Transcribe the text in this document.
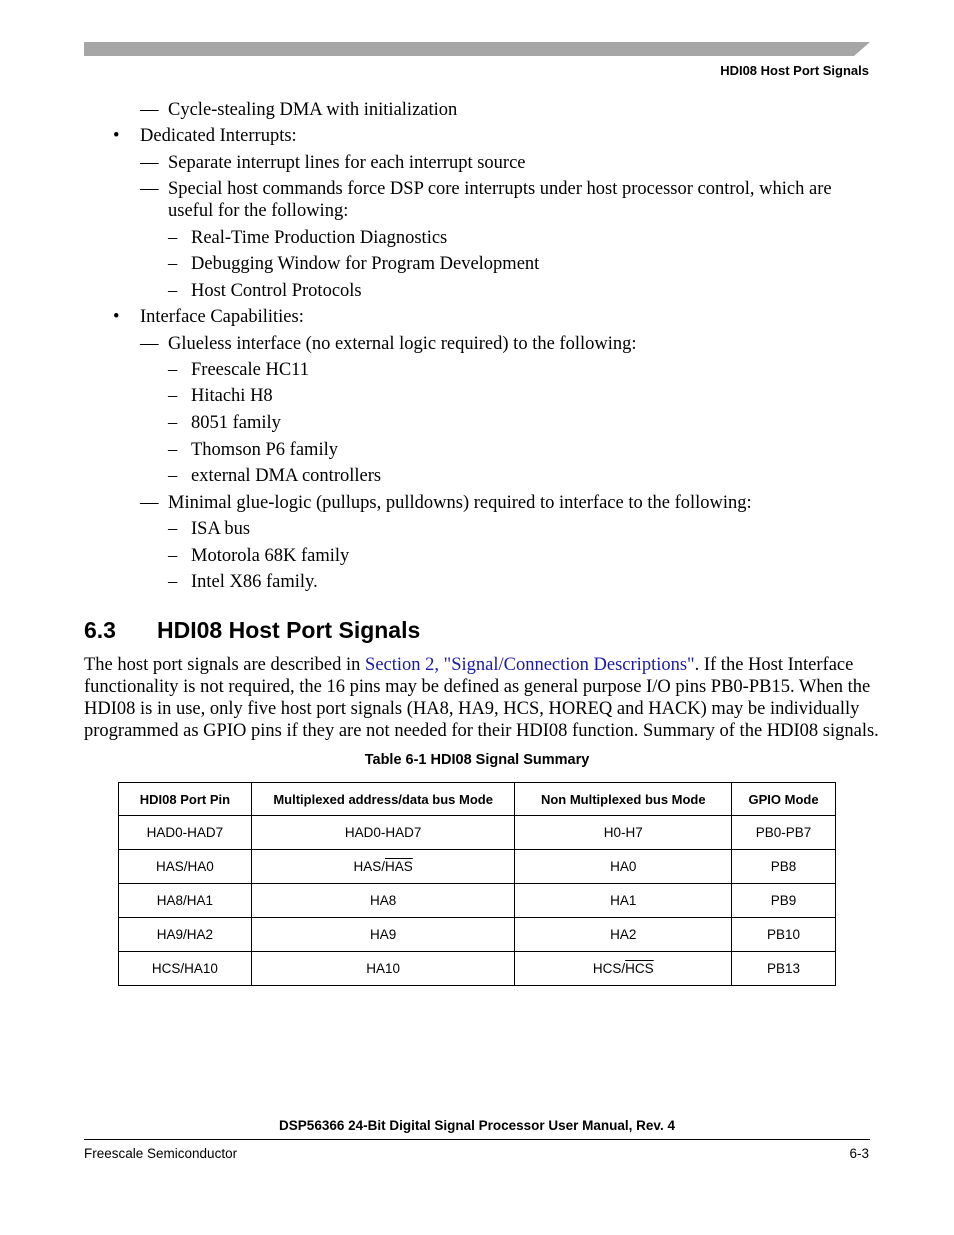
HDI08 Host Port Signals
— Cycle-stealing DMA with initialization
• Dedicated Interrupts:
— Separate interrupt lines for each interrupt source
— Special host commands force DSP core interrupts under host processor control, which are
useful for the following:
– Real-Time Production Diagnostics
– Debugging Window for Program Development
– Host Control Protocols
• Interface Capabilities:
— Glueless interface (no external logic required) to the following:
– Freescale HC11
– Hitachi H8
– 8051 family
– Thomson P6 family
– external DMA controllers
— Minimal glue-logic (pullups, pulldowns) required to interface to the following:
– ISA bus
– Motorola 68K family
– Intel X86 family.
6.3 HDI08 Host Port Signals
The host port signals are described in Section 2, "Signal/Connection Descriptions". If the Host Interface
functionality is not required, the 16 pins may be defined as general purpose I/O pins PB0-PB15. When the
HDI08 is in use, only five host port signals (HA8, HA9, HCS, HOREQ and HACK) may be individually
programmed as GPIO pins if they are not needed for their HDI08 function. Summary of the HDI08 signals.
Table 6-1 HDI08 Signal Summary
HDI08 Port Pin	Multiplexed address/data bus Mode	Non Multiplexed bus Mode	GPIO Mode
HAD0-HAD7	HAD0-HAD7	H0-H7	PB0-PB7
HAS/HA0	HAS/$\overline{HAS}$	HA0	PB8
HA8/HA1	HA8	HA1	PB9
HA9/HA2	HA9	HA2	PB10
HCS/HA10	HA10	HCS/$\overline{HCS}$	PB13
DSP56366 24-Bit Digital Signal Processor User Manual, Rev. 4
Freescale Semiconductor	6-3
